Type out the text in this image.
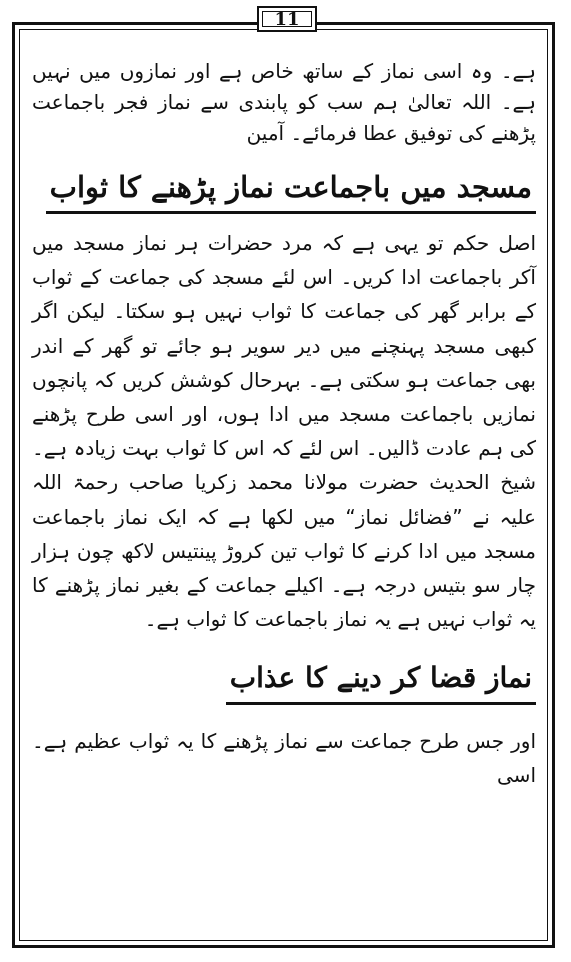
11

ہے۔ وہ اسی نماز کے ساتھ خاص ہے اور نمازوں میں نہیں ہے۔ اللہ تعالیٰ ہم سب کو پابندی سے نماز فجر باجماعت پڑھنے کی توفیق عطا فرمائے۔ آمین

مسجد میں باجماعت نماز پڑھنے کا ثواب

اصل حکم تو یہی ہے کہ مرد حضرات ہر نماز مسجد میں آکر باجماعت ادا کریں۔ اس لئے مسجد کی جماعت کے ثواب کے برابر گھر کی جماعت کا ثواب نہیں ہو سکتا۔ لیکن اگر کبھی مسجد پہنچنے میں دیر سویر ہو جائے تو گھر کے اندر بھی جماعت ہو سکتی ہے۔ بہرحال کوشش کریں کہ پانچوں نمازیں باجماعت مسجد میں ادا ہوں، اور اسی طرح پڑھنے کی ہم عادت ڈالیں۔ اس لئے کہ اس کا ثواب بہت زیادہ ہے۔ شیخ الحدیث حضرت مولانا محمد زکریا صاحب رحمۃ اللہ علیہ نے ”فضائل نماز“ میں لکھا ہے کہ ایک نماز باجماعت مسجد میں ادا کرنے کا ثواب تین کروڑ پینتیس لاکھ چون ہزار چار سو بتیس درجہ ہے۔ اکیلے جماعت کے بغیر نماز پڑھنے کا یہ ثواب نہیں ہے یہ نماز باجماعت کا ثواب ہے۔

نماز قضا کر دینے کا عذاب

اور جس طرح جماعت سے نماز پڑھنے کا یہ ثواب عظیم ہے۔ اسی
